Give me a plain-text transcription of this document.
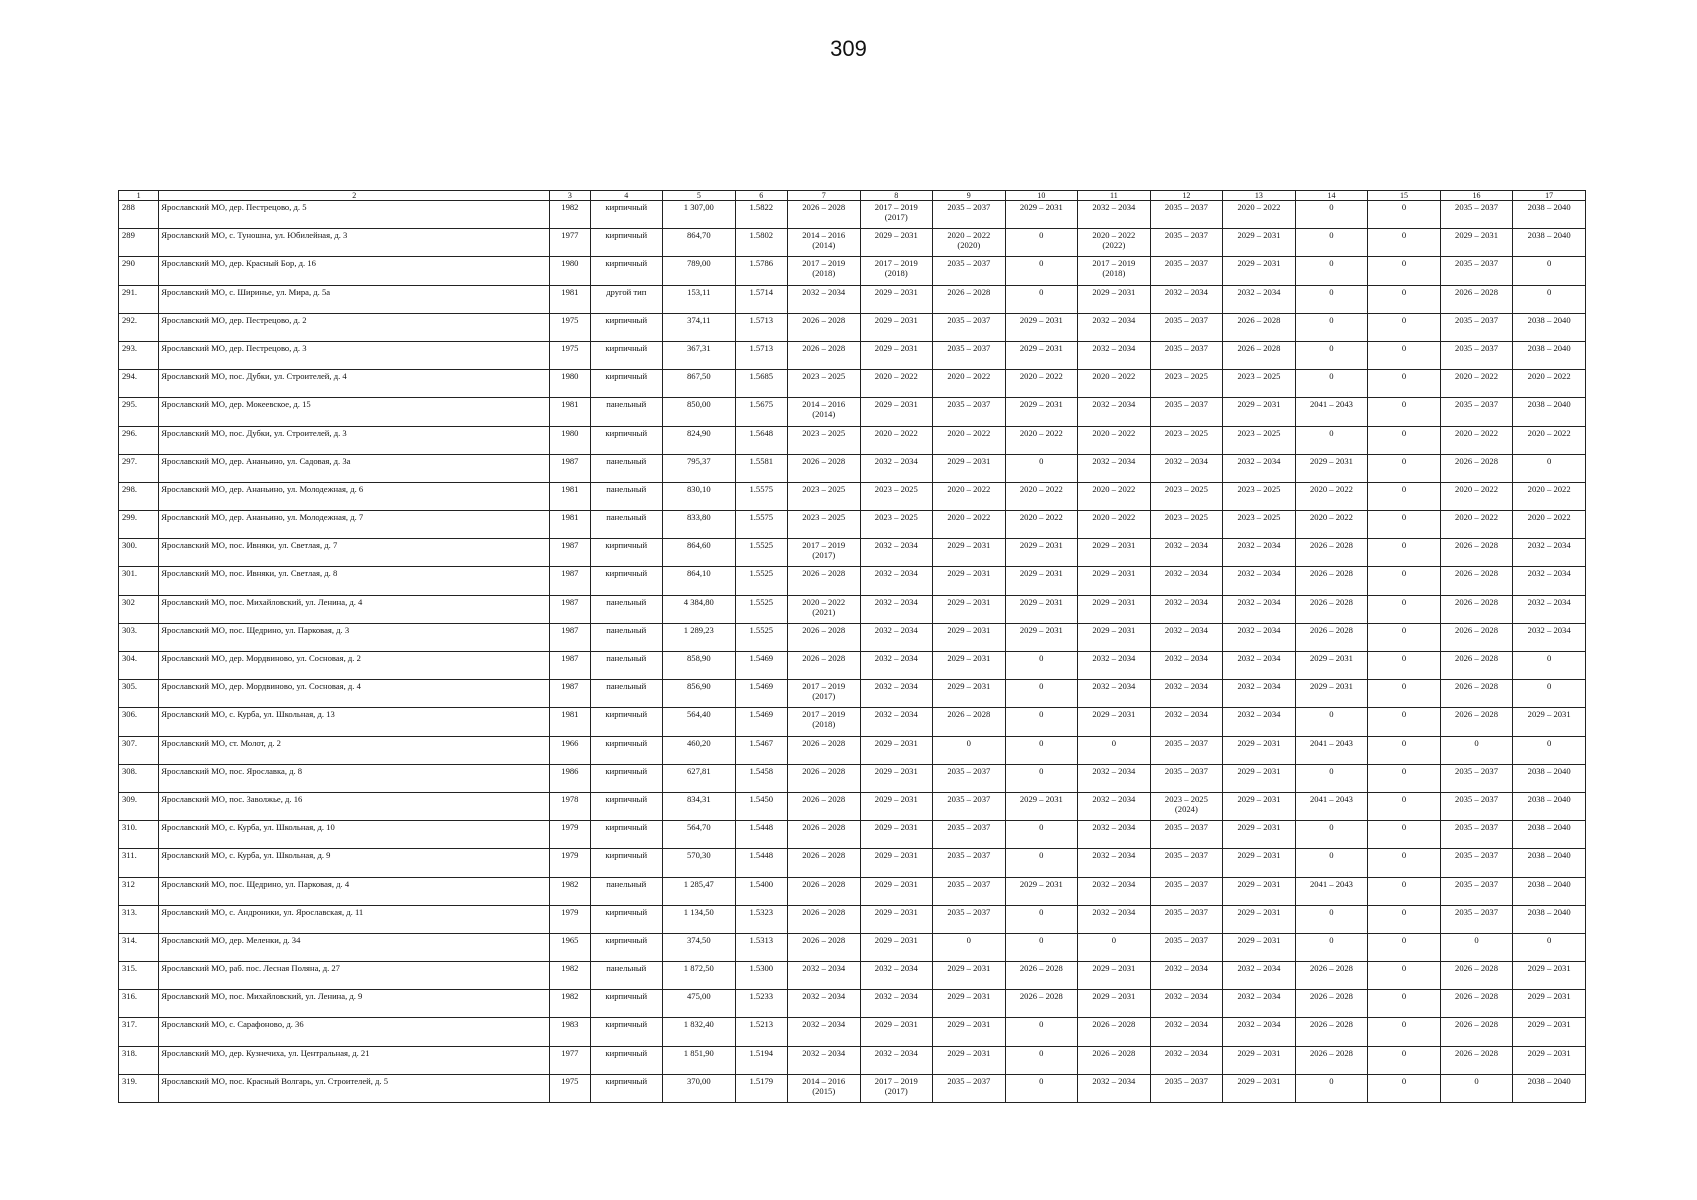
309
1	2	3	4	5	6	7	8	9	10	11	12	13	14	15	16	17
288	Ярославский МО, дер. Пестрецово, д. 5	1982	кирпичный	1 307,00	1.5822	2026 – 2028	2017 – 2019
(2017)	2035 – 2037	2029 – 2031	2032 – 2034	2035 – 2037	2020 – 2022	0	0	2035 – 2037	2038 – 2040
289	Ярославский МО, с. Туношна, ул. Юбилейная, д. 3	1977	кирпичный	864,70	1.5802	2014 – 2016
(2014)	2029 – 2031	2020 – 2022
(2020)	0	2020 – 2022
(2022)	2035 – 2037	2029 – 2031	0	0	2029 – 2031	2038 – 2040
290	Ярославский МО, дер. Красный Бор, д. 16	1980	кирпичный	789,00	1.5786	2017 – 2019
(2018)	2017 – 2019
(2018)	2035 – 2037	0	2017 – 2019
(2018)	2035 – 2037	2029 – 2031	0	0	2035 – 2037	0
291.	Ярославский МО, с. Ширинье, ул. Мира, д. 5а	1981	другой тип	153,11	1.5714	2032 – 2034	2029 – 2031	2026 – 2028	0	2029 – 2031	2032 – 2034	2032 – 2034	0	0	2026 – 2028	0
292.	Ярославский МО, дер. Пестрецово, д. 2	1975	кирпичный	374,11	1.5713	2026 – 2028	2029 – 2031	2035 – 2037	2029 – 2031	2032 – 2034	2035 – 2037	2026 – 2028	0	0	2035 – 2037	2038 – 2040
293.	Ярославский МО, дер. Пестрецово, д. 3	1975	кирпичный	367,31	1.5713	2026 – 2028	2029 – 2031	2035 – 2037	2029 – 2031	2032 – 2034	2035 – 2037	2026 – 2028	0	0	2035 – 2037	2038 – 2040
294.	Ярославский МО, пос. Дубки, ул. Строителей, д. 4	1980	кирпичный	867,50	1.5685	2023 – 2025	2020 – 2022	2020 – 2022	2020 – 2022	2020 – 2022	2023 – 2025	2023 – 2025	0	0	2020 – 2022	2020 – 2022
295.	Ярославский МО, дер. Мокеевское, д. 15	1981	панельный	850,00	1.5675	2014 – 2016
(2014)	2029 – 2031	2035 – 2037	2029 – 2031	2032 – 2034	2035 – 2037	2029 – 2031	2041 – 2043	0	2035 – 2037	2038 – 2040
296.	Ярославский МО, пос. Дубки, ул. Строителей, д. 3	1980	кирпичный	824,90	1.5648	2023 – 2025	2020 – 2022	2020 – 2022	2020 – 2022	2020 – 2022	2023 – 2025	2023 – 2025	0	0	2020 – 2022	2020 – 2022
297.	Ярославский МО, дер. Ананьино, ул. Садовая, д. 3а	1987	панельный	795,37	1.5581	2026 – 2028	2032 – 2034	2029 – 2031	0	2032 – 2034	2032 – 2034	2032 – 2034	2029 – 2031	0	2026 – 2028	0
298.	Ярославский МО, дер. Ананьино, ул. Молодежная, д. 6	1981	панельный	830,10	1.5575	2023 – 2025	2023 – 2025	2020 – 2022	2020 – 2022	2020 – 2022	2023 – 2025	2023 – 2025	2020 – 2022	0	2020 – 2022	2020 – 2022
299.	Ярославский МО, дер. Ананьино, ул. Молодежная, д. 7	1981	панельный	833,80	1.5575	2023 – 2025	2023 – 2025	2020 – 2022	2020 – 2022	2020 – 2022	2023 – 2025	2023 – 2025	2020 – 2022	0	2020 – 2022	2020 – 2022
300.	Ярославский МО, пос. Ивняки, ул. Светлая, д. 7	1987	кирпичный	864,60	1.5525	2017 – 2019
(2017)	2032 – 2034	2029 – 2031	2029 – 2031	2029 – 2031	2032 – 2034	2032 – 2034	2026 – 2028	0	2026 – 2028	2032 – 2034
301.	Ярославский МО, пос. Ивняки, ул. Светлая, д. 8	1987	кирпичный	864,10	1.5525	2026 – 2028	2032 – 2034	2029 – 2031	2029 – 2031	2029 – 2031	2032 – 2034	2032 – 2034	2026 – 2028	0	2026 – 2028	2032 – 2034
302	Ярославский МО, пос. Михайловский, ул. Ленина, д. 4	1987	панельный	4 384,80	1.5525	2020 – 2022
(2021)	2032 – 2034	2029 – 2031	2029 – 2031	2029 – 2031	2032 – 2034	2032 – 2034	2026 – 2028	0	2026 – 2028	2032 – 2034
303.	Ярославский МО, пос. Щедрино, ул. Парковая, д. 3	1987	панельный	1 289,23	1.5525	2026 – 2028	2032 – 2034	2029 – 2031	2029 – 2031	2029 – 2031	2032 – 2034	2032 – 2034	2026 – 2028	0	2026 – 2028	2032 – 2034
304.	Ярославский МО, дер. Мордвиново, ул. Сосновая, д. 2	1987	панельный	858,90	1.5469	2026 – 2028	2032 – 2034	2029 – 2031	0	2032 – 2034	2032 – 2034	2032 – 2034	2029 – 2031	0	2026 – 2028	0
305.	Ярославский МО, дер. Мордвиново, ул. Сосновая, д. 4	1987	панельный	856,90	1.5469	2017 – 2019
(2017)	2032 – 2034	2029 – 2031	0	2032 – 2034	2032 – 2034	2032 – 2034	2029 – 2031	0	2026 – 2028	0
306.	Ярославский МО, с. Курба, ул. Школьная, д. 13	1981	кирпичный	564,40	1.5469	2017 – 2019
(2018)	2032 – 2034	2026 – 2028	0	2029 – 2031	2032 – 2034	2032 – 2034	0	0	2026 – 2028	2029 – 2031
307.	Ярославский МО, ст. Молот, д. 2	1966	кирпичный	460,20	1.5467	2026 – 2028	2029 – 2031	0	0	0	2035 – 2037	2029 – 2031	2041 – 2043	0	0	0
308.	Ярославский МО, пос. Ярославка, д. 8	1986	кирпичный	627,81	1.5458	2026 – 2028	2029 – 2031	2035 – 2037	0	2032 – 2034	2035 – 2037	2029 – 2031	0	0	2035 – 2037	2038 – 2040
309.	Ярославский МО, пос. Заволжье, д. 16	1978	кирпичный	834,31	1.5450	2026 – 2028	2029 – 2031	2035 – 2037	2029 – 2031	2032 – 2034	2023 – 2025
(2024)	2029 – 2031	2041 – 2043	0	2035 – 2037	2038 – 2040
310.	Ярославский МО, с. Курба, ул. Школьная, д. 10	1979	кирпичный	564,70	1.5448	2026 – 2028	2029 – 2031	2035 – 2037	0	2032 – 2034	2035 – 2037	2029 – 2031	0	0	2035 – 2037	2038 – 2040
311.	Ярославский МО, с. Курба, ул. Школьная, д. 9	1979	кирпичный	570,30	1.5448	2026 – 2028	2029 – 2031	2035 – 2037	0	2032 – 2034	2035 – 2037	2029 – 2031	0	0	2035 – 2037	2038 – 2040
312	Ярославский МО, пос. Щедрино, ул. Парковая, д. 4	1982	панельный	1 285,47	1.5400	2026 – 2028	2029 – 2031	2035 – 2037	2029 – 2031	2032 – 2034	2035 – 2037	2029 – 2031	2041 – 2043	0	2035 – 2037	2038 – 2040
313.	Ярославский МО, с. Андроники, ул. Ярославская, д. 11	1979	кирпичный	1 134,50	1.5323	2026 – 2028	2029 – 2031	2035 – 2037	0	2032 – 2034	2035 – 2037	2029 – 2031	0	0	2035 – 2037	2038 – 2040
314.	Ярославский МО, дер. Меленки, д. 34	1965	кирпичный	374,50	1.5313	2026 – 2028	2029 – 2031	0	0	0	2035 – 2037	2029 – 2031	0	0	0	0
315.	Ярославский МО, раб. пос. Лесная Поляна, д. 27	1982	панельный	1 872,50	1.5300	2032 – 2034	2032 – 2034	2029 – 2031	2026 – 2028	2029 – 2031	2032 – 2034	2032 – 2034	2026 – 2028	0	2026 – 2028	2029 – 2031
316.	Ярославский МО, пос. Михайловский, ул. Ленина, д. 9	1982	кирпичный	475,00	1.5233	2032 – 2034	2032 – 2034	2029 – 2031	2026 – 2028	2029 – 2031	2032 – 2034	2032 – 2034	2026 – 2028	0	2026 – 2028	2029 – 2031
317.	Ярославский МО, с. Сарафоново, д. 36	1983	кирпичный	1 832,40	1.5213	2032 – 2034	2029 – 2031	2029 – 2031	0	2026 – 2028	2032 – 2034	2032 – 2034	2026 – 2028	0	2026 – 2028	2029 – 2031
318.	Ярославский МО, дер. Кузнечиха, ул. Центральная, д. 21	1977	кирпичный	1 851,90	1.5194	2032 – 2034	2032 – 2034	2029 – 2031	0	2026 – 2028	2032 – 2034	2029 – 2031	2026 – 2028	0	2026 – 2028	2029 – 2031
319.	Ярославский МО, пос. Красный Волгарь, ул. Строителей, д. 5	1975	кирпичный	370,00	1.5179	2014 – 2016
(2015)	2017 – 2019
(2017)	2035 – 2037	0	2032 – 2034	2035 – 2037	2029 – 2031	0	0	0	2038 – 2040
